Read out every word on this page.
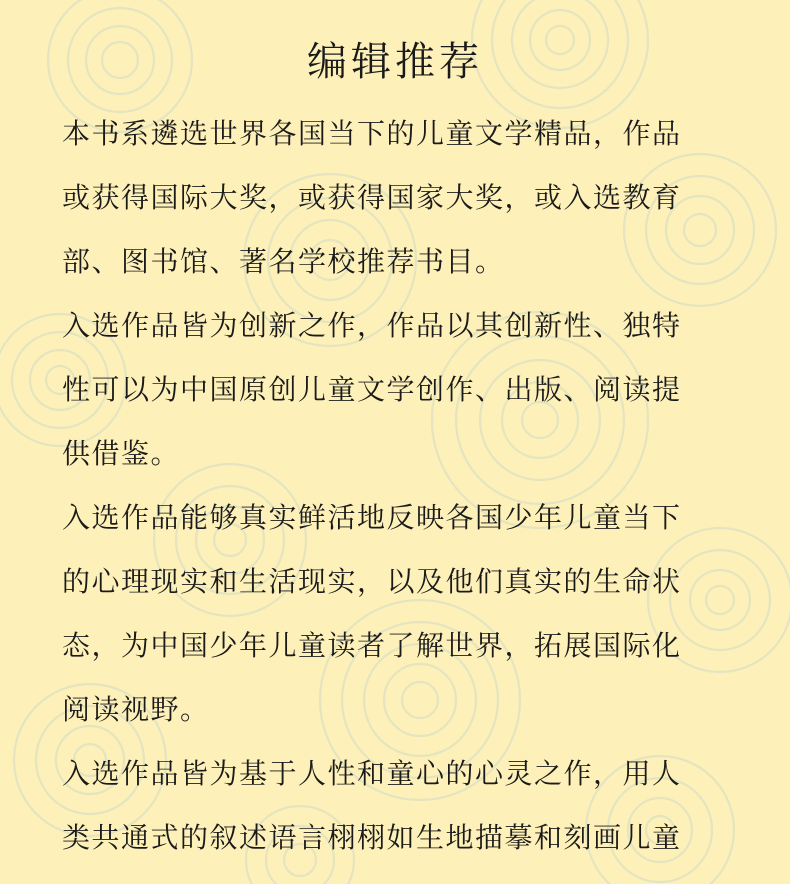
编辑推荐
本书系遴选世界各国当下的儿童文学精品，作品
或获得国际大奖，或获得国家大奖，或入选教育
部、图书馆、著名学校推荐书目。
入选作品皆为创新之作，作品以其创新性、独特
性可以为中国原创儿童文学创作、出版、阅读提
供借鉴。
入选作品能够真实鲜活地反映各国少年儿童当下
的心理现实和生活现实，以及他们真实的生命状
态，为中国少年儿童读者了解世界，拓展国际化
阅读视野。
入选作品皆为基于人性和童心的心灵之作，用人
类共通式的叙述语言栩栩如生地描摹和刻画儿童
